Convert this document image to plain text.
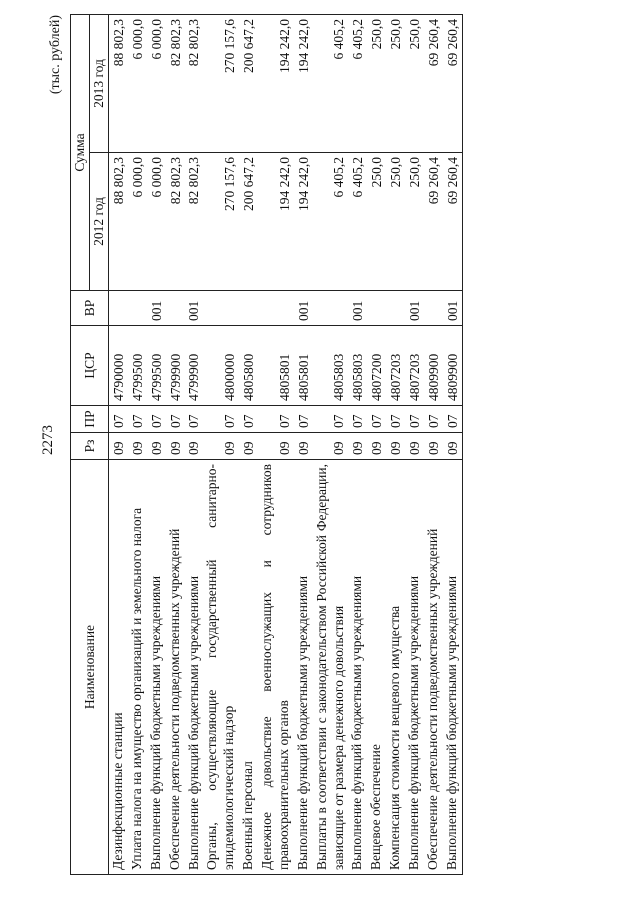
2273
(тыс. рублей)
Наименование	Рз	ПР	ЦСР	ВР	Сумма	
					2012 год	2013 год
Дезинфекционные станции	09	07	4790000		88 802,3	88 802,3
Уплата налога на имущество организаций и земельного налога	09	07	4799500		6 000,0	6 000,0
Выполнение функций бюджетными учреждениями	09	07	4799500	001	6 000,0	6 000,0
Обеспечение деятельности подведомственных учреждений	09	07	4799900		82 802,3	82 802,3
Выполнение функций бюджетными учреждениями	09	07	4799900	001	82 802,3	82 802,3
Органы, осуществляющие государственный санитарно-эпидемиологический надзор	09	07	4800000		270 157,6	270 157,6
Военный персонал	09	07	4805800		200 647,2	200 647,2
Денежное довольствие военнослужащих и сотрудников правоохранительных органов	09	07	4805801		194 242,0	194 242,0
Выполнение функций бюджетными учреждениями	09	07	4805801	001	194 242,0	194 242,0
Выплаты в соответствии с законодательством Российской Федерации, зависящие от размера денежного довольствия	09	07	4805803		6 405,2	6 405,2
Выполнение функций бюджетными учреждениями	09	07	4805803	001	6 405,2	6 405,2
Вещевое обеспечение	09	07	4807200		250,0	250,0
Компенсация стоимости вещевого имущества	09	07	4807203		250,0	250,0
Выполнение функций бюджетными учреждениями	09	07	4807203	001	250,0	250,0
Обеспечение деятельности подведомственных учреждений	09	07	4809900		69 260,4	69 260,4
Выполнение функций бюджетными учреждениями	09	07	4809900	001	69 260,4	69 260,4
